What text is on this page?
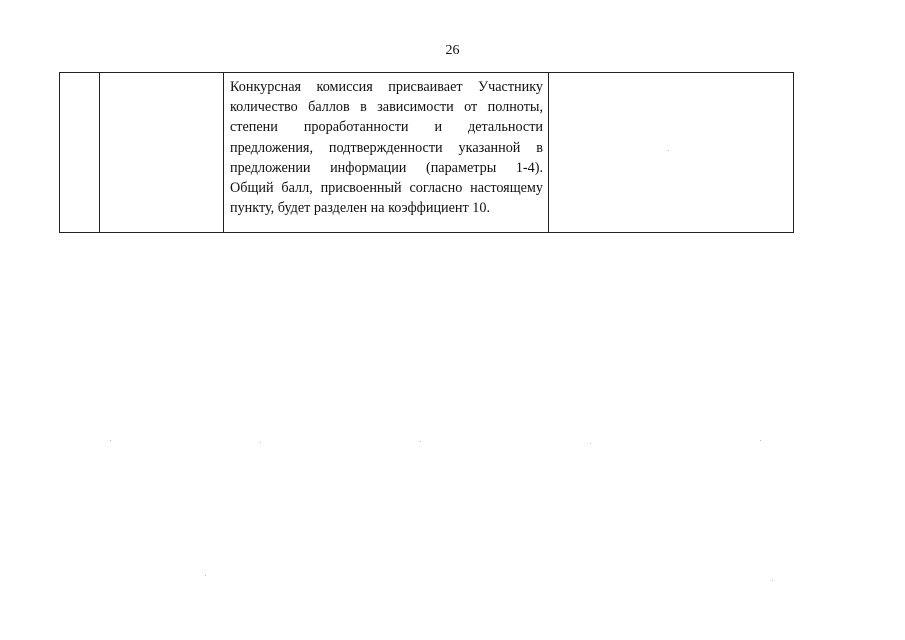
26

Конкурсная комиссия присваивает Участнику
количество баллов в зависимости от полноты,
степени проработанности и детальности
предложения, подтвержденности указанной в
предложении информации (параметры 1-4).
Общий балл, присвоенный согласно настоящему
пункту, будет разделен на коэффициент 10.
